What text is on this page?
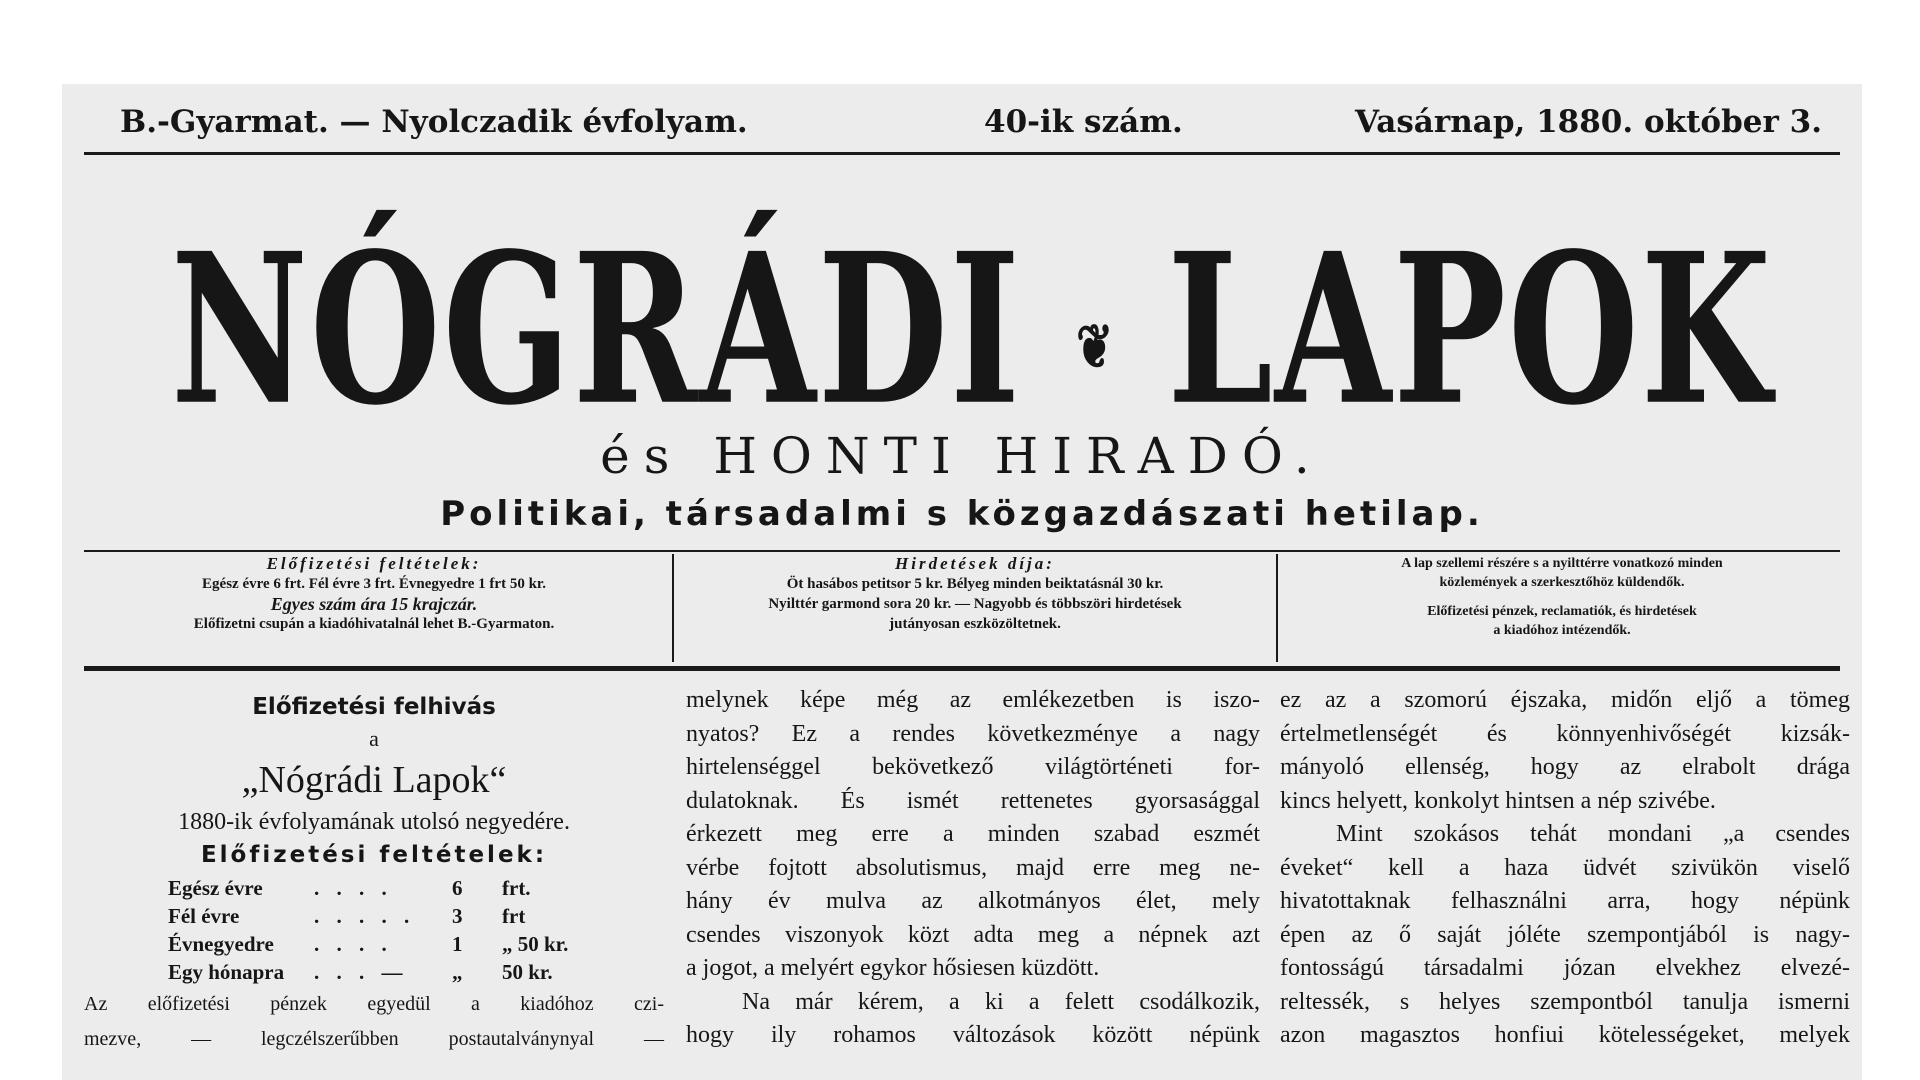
B.-Gyarmat. — Nyolczadik évfolyam.	40-ik szám.	Vasárnap, 1880. október 3.
NÓGRÁDI ❦ LAPOK
és HONTI HIRADÓ.
Politikai, társadalmi s közgazdászati hetilap.
Előfizetési feltételek:
Egész évre 6 frt. Fél évre 3 frt. Évnegyedre 1 frt 50 kr.
Egyes szám ára 15 krajczár.
Előfizetni csupán a kiadóhivatalnál lehet B.-Gyarmaton.
Hirdetések díja:
Öt hasábos petitsor 5 kr. Bélyeg minden beiktatásnál 30 kr.
Nyilttér garmond sora 20 kr. — Nagyobb és többszöri hirdetések
jutányosan eszközöltetnek.
A lap szellemi részére s a nyilttérre vonatkozó minden
közlemények a szerkesztőhöz küldendők.
Előfizetési pénzek, reclamatiók, és hirdetések
a kiadóhoz intézendők.
Előfizetési felhivás
a
„Nógrádi Lapok“
1880-ik évfolyamának utolsó negyedére.
Előfizetési feltételek:
Egész évre . . . .	6 frt.
Fél évre	. . . . . 3 frt
Évnegyedre . . . .	1 „ 50 kr.
Egy hónapra . . . — „ 50 kr.
Az előfizetési pénzek egyedül a kiadóhoz czi-
mezve, — legczélszerűbben postautalványnyal —

melynek képe még az emlékezetben is iszo-

nyatos? Ez a rendes következménye a nagy

hirtelenséggel bekövetkező világtörténeti for-

dulatoknak. És ismét rettenetes gyorsasággal

érkezett meg erre a minden szabad eszmét

vérbe fojtott absolutismus, majd erre meg ne-

hány év mulva az alkotmányos élet, mely

csendes viszonyok közt adta meg a népnek azt

a jogot, a melyért egykor hősiesen küzdött.

Na már kérem, a ki a felett csodálkozik,

hogy ily rohamos változások között népünk

ez az a szomorú éjszaka, midőn eljő a tömeg

értelmetlenségét és könnyenhivőségét kizsák-

mányoló ellenség, hogy az elrabolt drága

kincs helyett, konkolyt hintsen a nép szivébe.

Mint szokásos tehát mondani „a csendes

éveket“ kell a haza üdvét szivükön viselő

hivatottaknak felhasználni arra, hogy népünk

épen az ő saját jóléte szempontjából is nagy-

fontosságú társadalmi józan elvekhez elvezé-

reltessék, s helyes szempontból tanulja ismerni

azon magasztos honfiui kötelességeket, melyek
